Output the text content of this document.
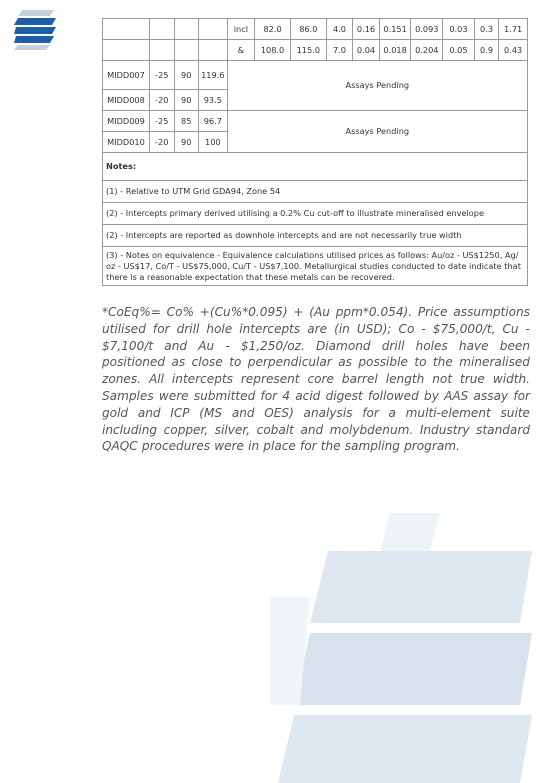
				incl	82.0	86.0	4.0	0.16	0.151	0.093	0.03	0.3	1.71
				&	108.0	115.0	7.0	0.04	0.018	0.204	0.05	0.9	0.43
MIDD007	-25	90	119.6	Assays Pending									
MIDD008	-20	90	93.5										
MIDD009	-25	85	96.7	Assays Pending									
MIDD010	-20	90	100										
Notes:													
(1) - Relative to UTM Grid GDA94, Zone 54													
(2) - Intercepts primary derived utilising a 0.2% Cu cut-off to illustrate mineralised envelope													
(2) - Intercepts are reported as downhole intercepts and are not necessarily true width													
(3) - Notes on equivalence - Equivalence calculations utilised prices as follows: Au/oz - US$1250, Ag/ oz - US$17, Co/T - US$75,000, Cu/T - US$7,100. Metallurgical studies conducted to date indicate that there is a reasonable expectation that these metals can be recovered.													

*CoEq%= Co% +(Cu%*0.095) + (Au ppm*0.054). Price assumptions utilised for drill hole intercepts are (in USD); Co - $75,000/t, Cu - $7,100/t and Au - $1,250/oz. Diamond drill holes have been positioned as close to perpendicular as possible to the mineralised zones. All intercepts represent core barrel length not true width. Samples were submitted for 4 acid digest followed by AAS assay for gold and ICP (MS and OES) analysis for a multi-element suite including copper, silver, cobalt and molybdenum. Industry standard QAQC procedures were in place for the sampling program.
